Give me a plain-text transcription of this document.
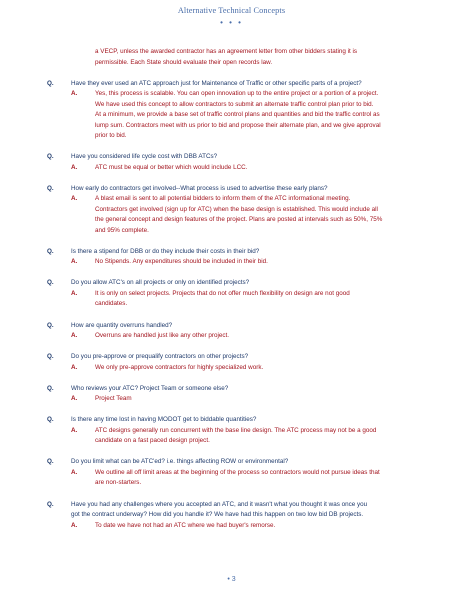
Alternative Technical Concepts
• • •
a VECP, unless the awarded contractor has an agreement letter from other bidders stating it is
permissible. Each State should evaluate their open records law.
Q.	Have they ever used an ATC approach just for Maintenance of Traffic or other specific parts of a project?
A.	Yes, this process is scalable. You can open innovation up to the entire project or a portion of a project.
We have used this concept to allow contractors to submit an alternate traffic control plan prior to bid.
At a minimum, we provide a base set of traffic control plans and quantities and bid the traffic control as
lump sum. Contractors meet with us prior to bid and propose their alternate plan, and we give approval
prior to bid.
Q.	Have you considered life cycle cost with DBB ATCs?
A.	ATC must be equal or better which would include LCC.
Q.	How early do contractors get involved--What process is used to advertise these early plans?
A.	A blast email is sent to all potential bidders to inform them of the ATC informational meeting.
Contractors get involved (sign up for ATC) when the base design is established. This would include all
the general concept and design features of the project. Plans are posted at intervals such as 50%, 75%
and 95% complete.
Q.	Is there a stipend for DBB or do they include their costs in their bid?
A.	No Stipends. Any expenditures should be included in their bid.
Q.	Do you allow ATC's on all projects or only on identified projects?
A.	It is only on select projects. Projects that do not offer much flexibility on design are not good
candidates.
Q.	How are quantity overruns handled?
A.	Overruns are handled just like any other project.
Q.	Do you pre-approve or prequalify contractors on other projects?
A.	We only pre-approve contractors for highly specialized work.
Q.	Who reviews your ATC? Project Team or someone else?
A.	Project Team
Q.	Is there any time lost in having MODOT get to biddable quantities?
A.	ATC designs generally run concurrent with the base line design. The ATC process may not be a good
candidate on a fast paced design project.
Q.	Do you limit what can be ATC'ed? i.e. things affecting ROW or environmental?
A.	We outline all off limit areas at the beginning of the process so contractors would not pursue ideas that
are non-starters.
Q.	Have you had any challenges where you accepted an ATC, and it wasn't what you thought it was once you
got the contract underway? How did you handle it? We have had this happen on two low bid DB projects.
A.	To date we have not had an ATC where we had buyer's remorse.
• 3
